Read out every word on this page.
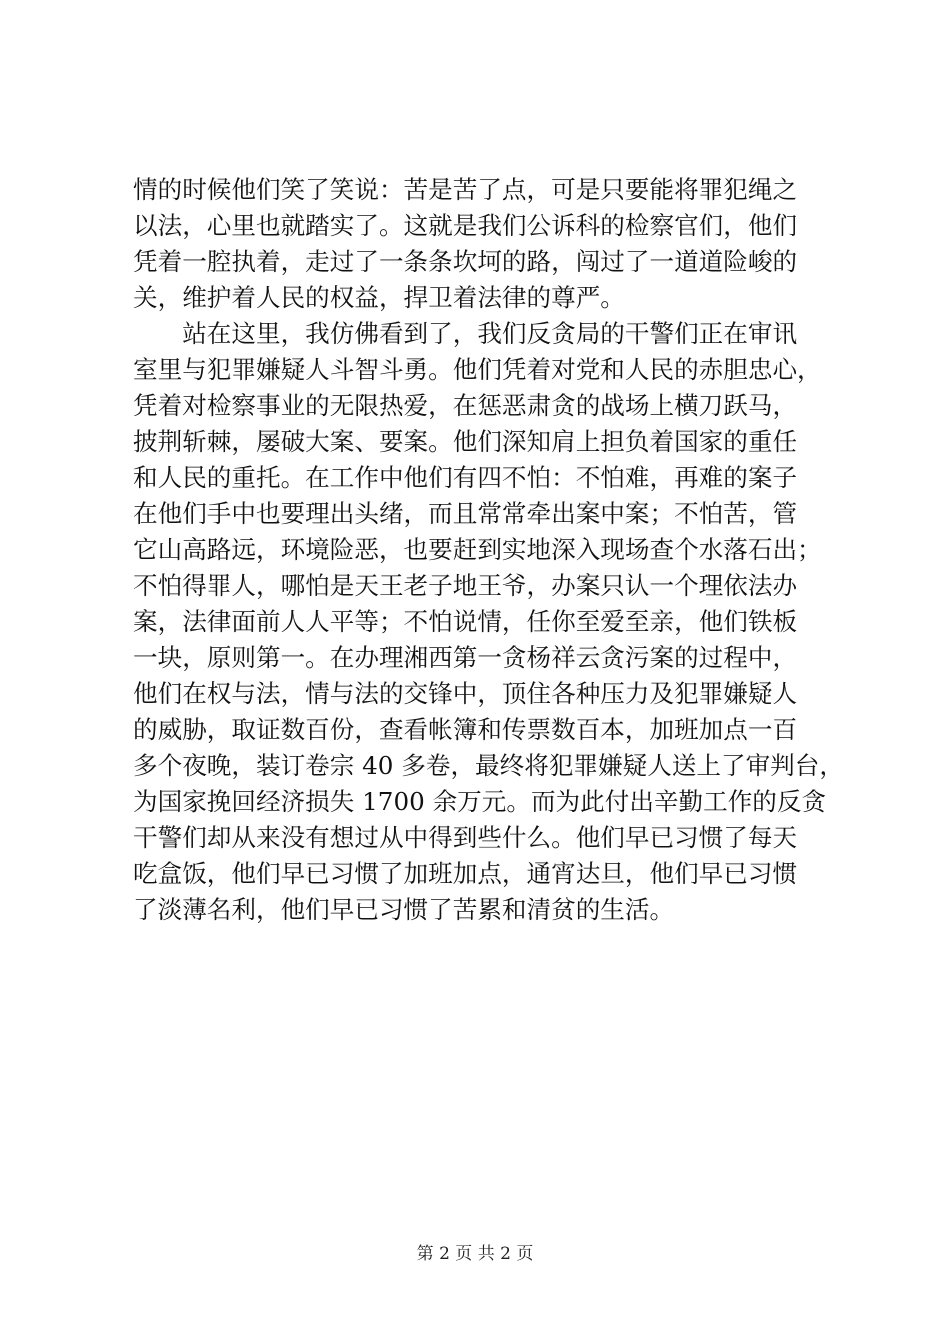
情的时候他们笑了笑说：苦是苦了点，可是只要能将罪犯绳之
以法，心里也就踏实了。这就是我们公诉科的检察官们，他们
凭着一腔执着，走过了一条条坎坷的路，闯过了一道道险峻的
关，维护着人民的权益，捍卫着法律的尊严。
　　站在这里，我仿佛看到了，我们反贪局的干警们正在审讯
室里与犯罪嫌疑人斗智斗勇。他们凭着对党和人民的赤胆忠心，
凭着对检察事业的无限热爱，在惩恶肃贪的战场上横刀跃马，
披荆斩棘，屡破大案、要案。他们深知肩上担负着国家的重任
和人民的重托。在工作中他们有四不怕：不怕难，再难的案子
在他们手中也要理出头绪，而且常常牵出案中案；不怕苦，管
它山高路远，环境险恶，也要赶到实地深入现场查个水落石出；
不怕得罪人，哪怕是天王老子地王爷，办案只认一个理依法办
案，法律面前人人平等；不怕说情，任你至爱至亲，他们铁板
一块，原则第一。在办理湘西第一贪杨祥云贪污案的过程中，
他们在权与法，情与法的交锋中，顶住各种压力及犯罪嫌疑人
的威胁，取证数百份，查看帐簿和传票数百本，加班加点一百
多个夜晚，装订卷宗 40 多卷，最终将犯罪嫌疑人送上了审判台，
为国家挽回经济损失 1700 余万元。而为此付出辛勤工作的反贪
干警们却从来没有想过从中得到些什么。他们早已习惯了每天
吃盒饭，他们早已习惯了加班加点，通宵达旦，他们早已习惯
了淡薄名利，他们早已习惯了苦累和清贫的生活。
第 2 页 共 2 页
